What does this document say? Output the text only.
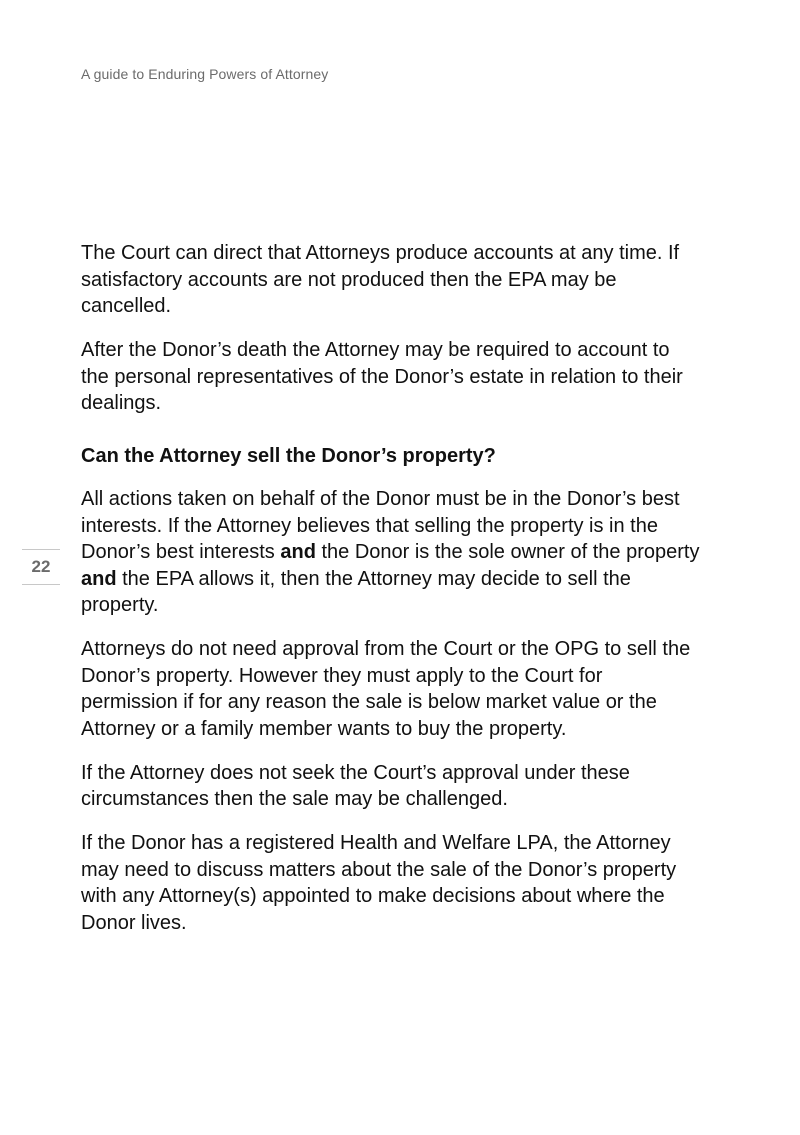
A guide to Enduring Powers of Attorney
22

The Court can direct that Attorneys produce accounts at any time. If satisfactory accounts are not produced then the EPA may be cancelled.

After the Donor’s death the Attorney may be required to account to the personal representatives of the Donor’s estate in relation to their dealings.

Can the Attorney sell the Donor’s property?

All actions taken on behalf of the Donor must be in the Donor’s best interests. If the Attorney believes that selling the property is in the Donor’s best interests and the Donor is the sole owner of the property and the EPA allows it, then the Attorney may decide to sell the property.

Attorneys do not need approval from the Court or the OPG to sell the Donor’s property. However they must apply to the Court for permission if for any reason the sale is below market value or the Attorney or a family member wants to buy the property.

If the Attorney does not seek the Court’s approval under these circumstances then the sale may be challenged.

If the Donor has a registered Health and Welfare LPA, the Attorney may need to discuss matters about the sale of the Donor’s property with any Attorney(s) appointed to make decisions about where the Donor lives.
